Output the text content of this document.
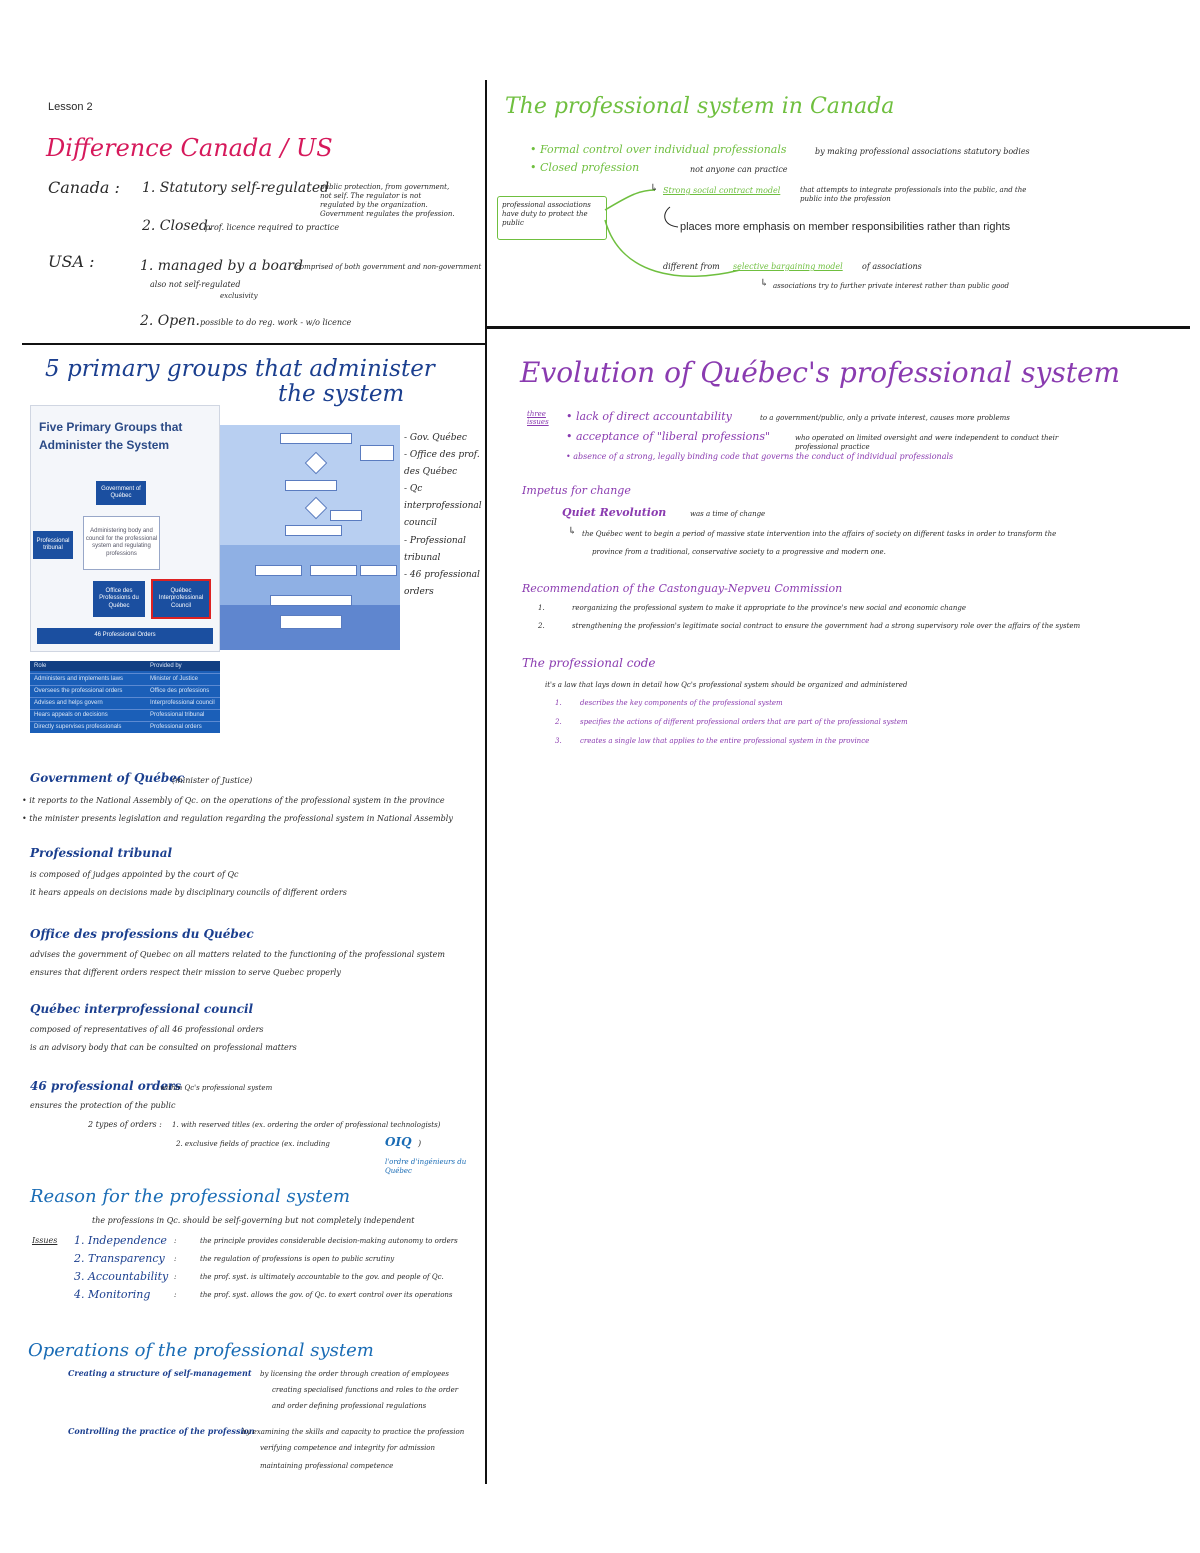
Lesson 2
Difference Canada / US
Canada : 1. Statutory self-regulated
public protection, from government, not self. The regulator is not regulated by the organization. Government regulates the profession.
2. Closed.
prof. licence required to practice
USA :	1. managed by a board
comprised of both government and non-government
also not self-regulated
exclusivity
2. Open. possible to do reg. work - w/o licence
The professional system in Canada
• Formal control over individual professionals	by making professional associations statutory bodies
• Closed profession	not anyone can practice
professional associations have duty to protect the public
↳ Strong social contract model	that attempts to integrate professionals into the public, and the public into the profession
places more emphasis on member responsibilities rather than rights
different from selective bargaining model of associations
↳ associations try to further private interest rather than public good
5 primary groups that administer
the system
Five Primary Groups that
Administer the System
Government of Québec
Professional tribunal
Administering body and council for the professional system and regulating professions
Office des Professions du Québec
Québec Interprofessional Council
46 Professional Orders
- Gov. Québec
- Office des prof. des Québec
- Qc interprofessional council
- Professional tribunal
- 46 professional orders
Role	Provided by
Administers and implements laws	Minister of Justice
Oversees the professional orders	Office des professions
Advises and helps govern	Interprofessional council
Hears appeals on decisions	Professional tribunal
Directly supervises professionals	Professional orders
Government of Québec
(minister of Justice)
• it reports to the National Assembly of Qc. on the operations of the professional system in the province
• the minister presents legislation and regulation regarding the professional system in National Assembly
Professional tribunal
is composed of judges appointed by the court of Qc
it hears appeals on decisions made by disciplinary councils of different orders
Office des professions du Québec
advises the government of Quebec on all matters related to the functioning of the professional system
ensures that different orders respect their mission to serve Quebec properly
Québec interprofessional council
composed of representatives of all 46 professional orders
is an advisory body that can be consulted on professional matters
46 professional orders
within Qc's professional system
ensures the protection of the public
2 types of orders : 1. with reserved titles (ex. ordering the order of professional technologists)
2. exclusive fields of practice (ex. including	OIQ )
l'ordre d'ingénieurs du Québec
Reason for the professional system
the professions in Qc. should be self-governing but not completely independent
Issues 1. Independence :	the principle provides considerable decision-making autonomy to orders
2. Transparency :	the regulation of professions is open to public scrutiny
3. Accountability :	the prof. syst. is ultimately accountable to the gov. and people of Qc.
4. Monitoring	:	the prof. syst. allows the gov. of Qc. to exert control over its operations
Operations of the professional system
Creating a structure of self-management by licensing the order through creation of employees
creating specialised functions and roles to the order
and order defining professional regulations
Controlling the practice of the profession
by examining the skills and capacity to practice the profession
verifying competence and integrity for admission
maintaining professional competence
Evolution of Québec's professional system
three issues • lack of direct accountability	to a government/public, only a private interest, causes more problems
• acceptance of "liberal professions"	who operated on limited oversight and were independent to conduct their professional practice
• absence of a strong, legally binding code that governs the conduct of individual professionals
Impetus for change
Quiet Revolution	was a time of change
↳ the Québec went to begin a period of massive state intervention into the affairs of society on different tasks in order to transform the
province from a traditional, conservative society to a progressive and modern one.
Recommendation of the Castonguay-Nepveu Commission
1.	reorganizing the professional system to make it appropriate to the province's new social and economic change
2.	strengthening the profession's legitimate social contract to ensure the government had a strong supervisory role over the affairs of the system
The professional code
it's a law that lays down in detail how Qc's professional system should be organized and administered
1.	describes the key components of the professional system
2.	specifies the actions of different professional orders that are part of the professional system
3.	creates a single law that applies to the entire professional system in the province
